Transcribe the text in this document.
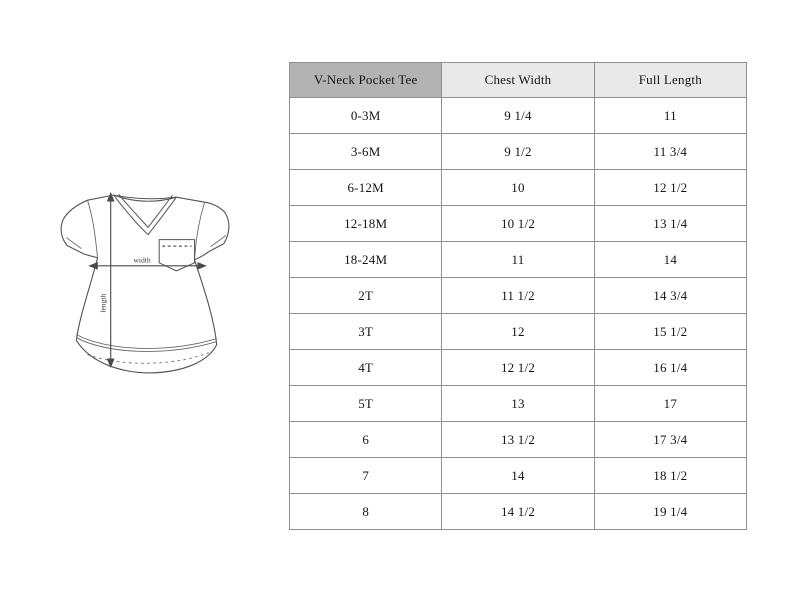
length
width
V-Neck Pocket Tee	Chest Width	Full Length
0-3M	9 1/4	11
3-6M	9 1/2	11 3/4
6-12M	10	12 1/2
12-18M	10 1/2	13 1/4
18-24M	11	14
2T	11 1/2	14 3/4
3T	12	15 1/2
4T	12 1/2	16 1/4
5T	13	17
6	13 1/2	17 3/4
7	14	18 1/2
8	14 1/2	19 1/4
